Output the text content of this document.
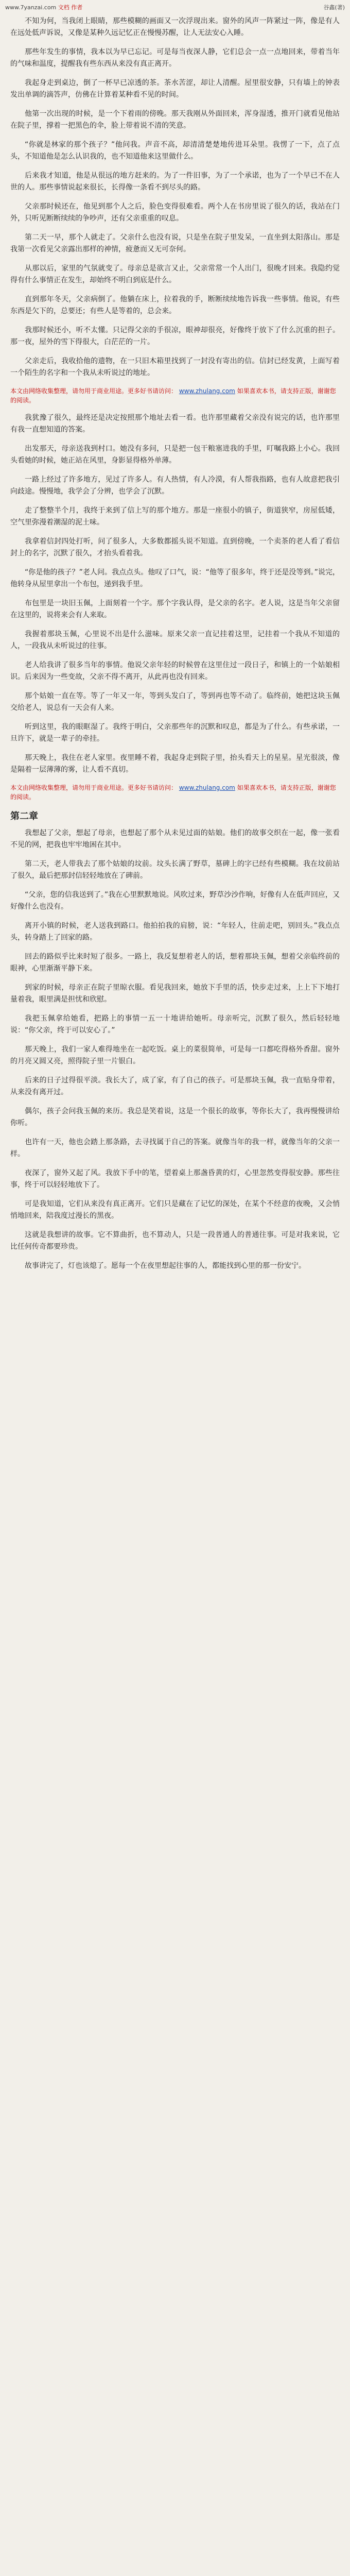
www.7yanzai.com 文档 作者	谷鑫(著)

不知为何，当我闭上眼睛，那些模糊的画面又一次浮现出来。窗外的风声一阵紧过一阵，像是有人在远处低声诉说，又像是某种久远记忆正在慢慢苏醒，让人无法安心入睡。

那些年发生的事情，我本以为早已忘记。可是每当夜深人静，它们总会一点一点地回来，带着当年的气味和温度，提醒我有些东西从来没有真正离开。

我起身走到桌边，倒了一杯早已凉透的茶。茶水苦涩，却让人清醒。屋里很安静，只有墙上的钟表发出单调的滴答声，仿佛在计算着某种看不见的时间。

他第一次出现的时候，是一个下着雨的傍晚。那天我刚从外面回来，浑身湿透，推开门就看见他站在院子里，撑着一把黑色的伞，脸上带着说不清的笑意。

“你就是林家的那个孩子？”他问我。声音不高，却清清楚楚地传进耳朵里。我愣了一下，点了点头，不知道他是怎么认识我的，也不知道他来这里做什么。

后来我才知道，他是从很远的地方赶来的。为了一件旧事，为了一个承诺，也为了一个早已不在人世的人。那些事情说起来很长，长得像一条看不到尽头的路。

父亲那时候还在，他见到那个人之后，脸色变得很难看。两个人在书房里说了很久的话，我站在门外，只听见断断续续的争吵声，还有父亲重重的叹息。

第二天一早，那个人就走了。父亲什么也没有说，只是坐在院子里发呆，一直坐到太阳落山。那是我第一次看见父亲露出那样的神情，疲惫而又无可奈何。

从那以后，家里的气氛就变了。母亲总是欲言又止，父亲常常一个人出门，很晚才回来。我隐约觉得有什么事情正在发生，却始终不明白到底是什么。

直到那年冬天，父亲病倒了。他躺在床上，拉着我的手，断断续续地告诉我一些事情。他说，有些东西是欠下的，总要还；有些人是等着的，总会来。

我那时候还小，听不太懂。只记得父亲的手很凉，眼神却很亮，好像终于放下了什么沉重的担子。那一夜，屋外的雪下得很大，白茫茫的一片。

父亲走后，我收拾他的遗物，在一只旧木箱里找到了一封没有寄出的信。信封已经发黄，上面写着一个陌生的名字和一个我从未听说过的地址。

本文由网络收集整理，请勿用于商业用途。更多好书请访问： www.zhulang.com 如果喜欢本书，请支持正版，谢谢您的阅读。

我犹豫了很久，最终还是决定按照那个地址去看一看。也许那里藏着父亲没有说完的话，也许那里有我一直想知道的答案。

出发那天，母亲送我到村口。她没有多问，只是把一包干粮塞进我的手里，叮嘱我路上小心。我回头看她的时候，她正站在风里，身影显得格外单薄。

一路上经过了许多地方，见过了许多人。有人热情，有人冷漠，有人帮我指路，也有人故意把我引向歧途。慢慢地，我学会了分辨，也学会了沉默。

走了整整半个月，我终于来到了信上写的那个地方。那是一座很小的镇子，街道狭窄，房屋低矮，空气里弥漫着潮湿的泥土味。

我拿着信封四处打听，问了很多人，大多数都摇头说不知道。直到傍晚，一个卖茶的老人看了看信封上的名字，沉默了很久，才抬头看着我。

“你是他的孩子？”老人问。我点点头。他叹了口气，说：“他等了很多年，终于还是没等到。”说完，他转身从屋里拿出一个布包，递到我手里。

布包里是一块旧玉佩，上面刻着一个字。那个字我认得，是父亲的名字。老人说，这是当年父亲留在这里的，说将来会有人来取。

我握着那块玉佩，心里说不出是什么滋味。原来父亲一直记挂着这里，记挂着一个我从不知道的人，一段我从未听说过的往事。

老人给我讲了很多当年的事情。他说父亲年轻的时候曾在这里住过一段日子，和镇上的一个姑娘相识。后来因为一些变故，父亲不得不离开，从此再也没有回来。

那个姑娘一直在等。等了一年又一年，等到头发白了，等到再也等不动了。临终前，她把这块玉佩交给老人，说总有一天会有人来。

听到这里，我的眼眶湿了。我终于明白，父亲那些年的沉默和叹息，都是为了什么。有些承诺，一旦许下，就是一辈子的牵挂。

那天晚上，我住在老人家里。夜里睡不着，我起身走到院子里，抬头看天上的星星。星光很淡，像是隔着一层薄薄的雾，让人看不真切。

本文由网络收集整理，请勿用于商业用途。更多好书请访问： www.zhulang.com 如果喜欢本书，请支持正版，谢谢您的阅读。
第二章

我想起了父亲，想起了母亲，也想起了那个从未见过面的姑娘。他们的故事交织在一起，像一张看不见的网，把我也牢牢地困在其中。

第二天，老人带我去了那个姑娘的坟前。坟头长满了野草，墓碑上的字已经有些模糊。我在坟前站了很久，最后把那封信轻轻地放在了碑前。

“父亲，您的信我送到了。”我在心里默默地说。风吹过来，野草沙沙作响，好像有人在低声回应，又好像什么也没有。

离开小镇的时候，老人送我到路口。他拍拍我的肩膀，说：“年轻人，往前走吧，别回头。”我点点头，转身踏上了回家的路。

回去的路似乎比来时短了很多。一路上，我反复想着老人的话，想着那块玉佩，想着父亲临终前的眼神，心里渐渐平静下来。

到家的时候，母亲正在院子里晾衣服。看见我回来，她放下手里的活，快步走过来，上上下下地打量着我，眼里满是担忧和欣慰。

我把玉佩拿给她看，把路上的事情一五一十地讲给她听。母亲听完，沉默了很久，然后轻轻地说：“你父亲，终于可以安心了。”

那天晚上，我们一家人难得地坐在一起吃饭。桌上的菜很简单，可是每一口都吃得格外香甜。窗外的月亮又圆又亮，照得院子里一片银白。

后来的日子过得很平淡。我长大了，成了家，有了自己的孩子。可是那块玉佩，我一直贴身带着，从来没有离开过。

偶尔，孩子会问我玉佩的来历。我总是笑着说，这是一个很长的故事，等你长大了，我再慢慢讲给你听。

也许有一天，他也会踏上那条路，去寻找属于自己的答案。就像当年的我一样，就像当年的父亲一样。

夜深了，窗外又起了风。我放下手中的笔，望着桌上那盏昏黄的灯，心里忽然变得很安静。那些往事，终于可以轻轻地放下了。

可是我知道，它们从来没有真正离开。它们只是藏在了记忆的深处，在某个不经意的夜晚，又会悄悄地回来，陪我度过漫长的黑夜。

这就是我想讲的故事。它不算曲折，也不算动人，只是一段普通人的普通往事。可是对我来说，它比任何传奇都要珍贵。

故事讲完了，灯也该熄了。愿每一个在夜里想起往事的人，都能找到心里的那一份安宁。
